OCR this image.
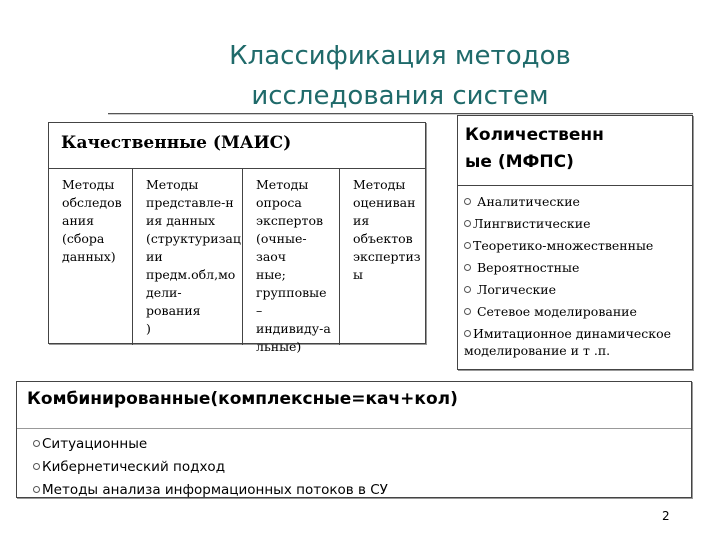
Классификация методов
исследования систем
Качественные (МАИС)
Методы
обследов
ания
(сбора
данных)
Методы
представле-н
ия данных
(структуризац
ии
предм.обл,мо
дели-рования
)
Методы
опроса
экспертов
(очные-заоч
ные;
групповые –
индивиду-а
льные)
Методы
оцениван
ия
объектов
экспертиз
ы
Количественн
ые (МФПС)
Аналитические
Лингвистические
Теоретико-множественные
Вероятностные
Логические
Сетевое моделирование
Имитационное динамическое
моделирование и т .п.
Комбинированные(комплексные=кач+кол)
Ситуационные
Кибернетический подход
Методы анализа информационных потоков в СУ
2
